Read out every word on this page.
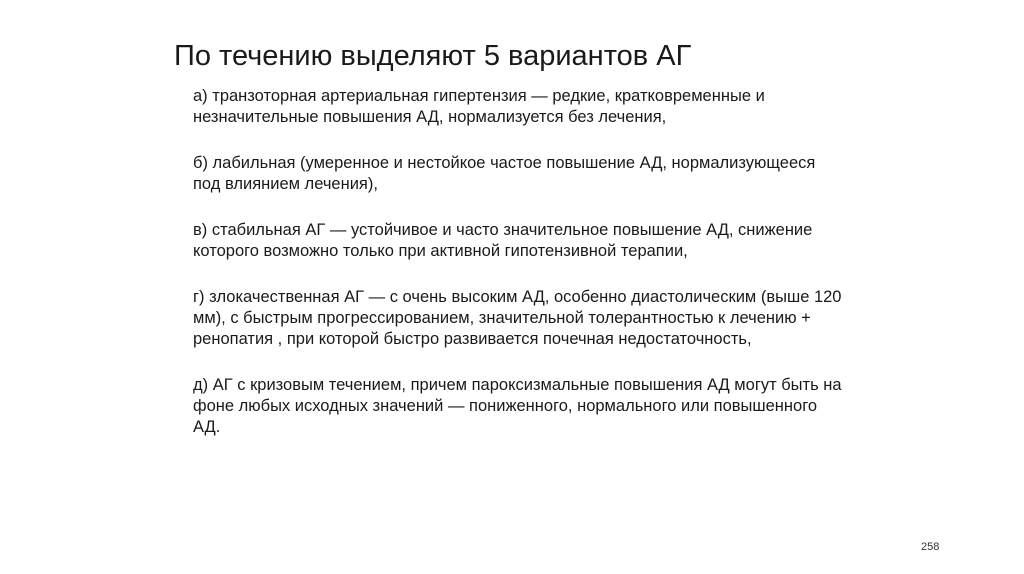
По течению выделяют 5 вариантов АГ
а) транзоторная артериальная гипертензия — редкие, кратковременные и незначительные повышения АД, нормализуется без лечения,
б) лабильная (умеренное и нестойкое частое повышение АД, нормализующееся под влиянием лечения),
в) стабильная АГ — устойчивое и часто значительное повышение АД, снижение которого возможно только при активной гипотензивной терапии,
г) злокачественная АГ — с очень высоким АД, особенно диастолическим (выше 120 мм), с быстрым прогрессированием, значительной толерантностью к лечению + ренопатия , при которой быстро развивается почечная недостаточность,
д) АГ с кризовым течением, причем пароксизмальные повышения АД могут быть на фоне любых исходных значений — пониженного, нормального или повышенного АД.
258
